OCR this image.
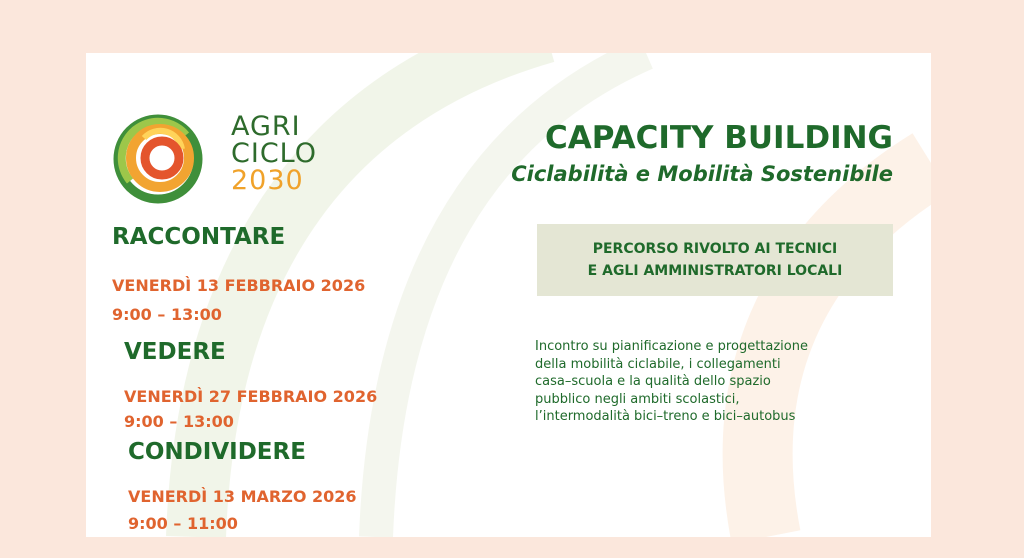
AGRI
CICLO
2030
CAPACITY BUILDING
Ciclabilità e Mobilità Sostenibile
RACCONTARE
VENERDÌ 13 FEBBRAIO 2026
9:00 – 13:00
VEDERE
VENERDÌ 27 FEBBRAIO 2026
9:00 – 13:00
CONDIVIDERE
VENERDÌ 13 MARZO 2026
9:00 – 11:00
PERCORSO RIVOLTO AI TECNICI
E AGLI AMMINISTRATORI LOCALI
Incontro su pianificazione e progettazione
della mobilità ciclabile, i collegamenti
casa–scuola e la qualità dello spazio
pubblico negli ambiti scolastici,
l’intermodalità bici–treno e bici–autobus
